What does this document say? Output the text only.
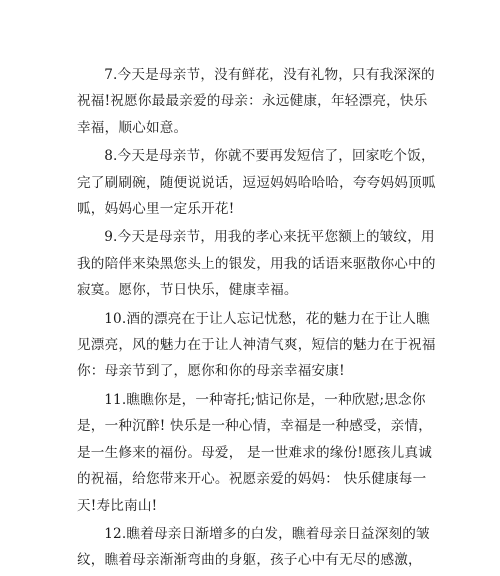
7.今天是母亲节，没有鲜花，没有礼物，只有我深深的祝福!祝愿你最最亲爱的母亲：永远健康，年轻漂亮，快乐幸福，顺心如意。

8.今天是母亲节，你就不要再发短信了，回家吃个饭，完了刷刷碗，随便说说话，逗逗妈妈哈哈哈，夸夸妈妈顶呱呱，妈妈心里一定乐开花!

9.今天是母亲节，用我的孝心来抚平您额上的皱纹，用我的陪伴来染黑您头上的银发，用我的话语来驱散你心中的寂寞。愿你，节日快乐，健康幸福。

10.酒的漂亮在于让人忘记忧愁，花的魅力在于让人瞧见漂亮，风的魅力在于让人神清气爽，短信的魅力在于祝福你：母亲节到了，愿你和你的母亲幸福安康!

11.瞧瞧你是，一种寄托;惦记你是，一种欣慰;思念你是，一种沉醉! 快乐是一种心情，幸福是一种感受，亲情，是一生修来的福份。母爱， 是一世难求的缘份!愿孩儿真诚的祝福，给您带来开心。祝愿亲爱的妈妈： 快乐健康每一天!寿比南山!

12.瞧着母亲日渐增多的白发，瞧着母亲日益深刻的皱纹，瞧着母亲渐渐弯曲的身躯，孩子心中有无尽的感激，
